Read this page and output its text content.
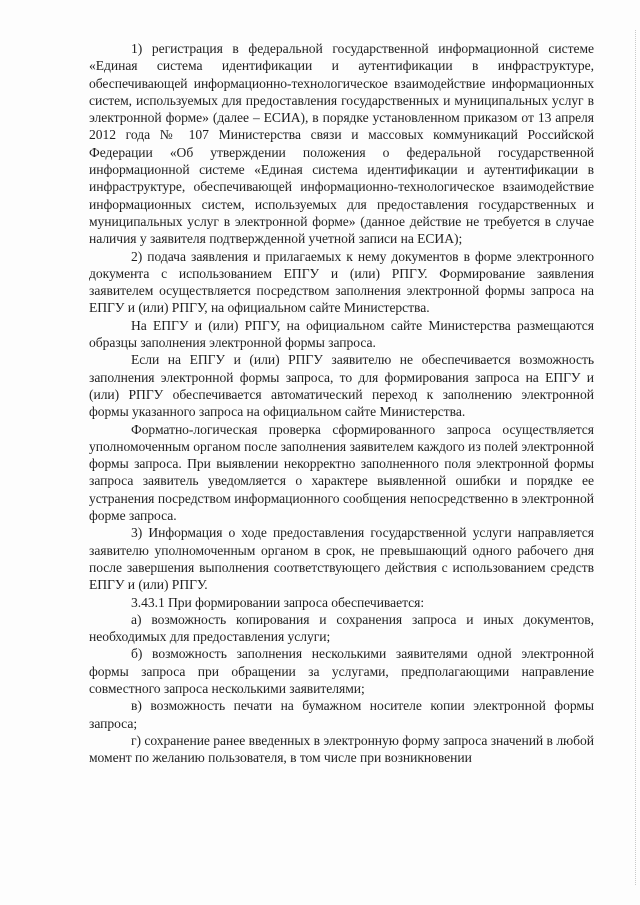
1) регистрация в федеральной государственной информационной системе «Единая система идентификации и аутентификации в инфраструктуре, обеспечивающей информационно-технологическое взаимодействие информационных систем, используемых для предоставления государственных и муниципальных услуг в электронной форме» (далее – ЕСИА), в порядке установленном приказом от 13 апреля 2012 года № 107 Министерства связи и массовых коммуникаций Российской Федерации «Об утверждении положения о федеральной государственной информационной системе «Единая система идентификации и аутентификации в инфраструктуре, обеспечивающей информационно-технологическое взаимодействие информационных систем, используемых для предоставления государственных и муниципальных услуг в электронной форме» (данное действие не требуется в случае наличия у заявителя подтвержденной учетной записи на ЕСИА);

2) подача заявления и прилагаемых к нему документов в форме электронного документа с использованием ЕПГУ и (или) РПГУ. Формирование заявления заявителем осуществляется посредством заполнения электронной формы запроса на ЕПГУ и (или) РПГУ, на официальном сайте Министерства.

На ЕПГУ и (или) РПГУ, на официальном сайте Министерства размещаются образцы заполнения электронной формы запроса.

Если на ЕПГУ и (или) РПГУ заявителю не обеспечивается возможность заполнения электронной формы запроса, то для формирования запроса на ЕПГУ и (или) РПГУ обеспечивается автоматический переход к заполнению электронной формы указанного запроса на официальном сайте Министерства.

Форматно-логическая проверка сформированного запроса осуществляется уполномоченным органом после заполнения заявителем каждого из полей электронной формы запроса. При выявлении некорректно заполненного поля электронной формы запроса заявитель уведомляется о характере выявленной ошибки и порядке ее устранения посредством информационного сообщения непосредственно в электронной форме запроса.

3) Информация о ходе предоставления государственной услуги направляется заявителю уполномоченным органом в срок, не превышающий одного рабочего дня после завершения выполнения соответствующего действия с использованием средств ЕПГУ и (или) РПГУ.

3.43.1 При формировании запроса обеспечивается:

а) возможность копирования и сохранения запроса и иных документов, необходимых для предоставления услуги;

б) возможность заполнения несколькими заявителями одной электронной формы запроса при обращении за услугами, предполагающими направление совместного запроса несколькими заявителями;

в) возможность печати на бумажном носителе копии электронной формы запроса;

г) сохранение ранее введенных в электронную форму запроса значений в любой момент по желанию пользователя, в том числе при возникновении
